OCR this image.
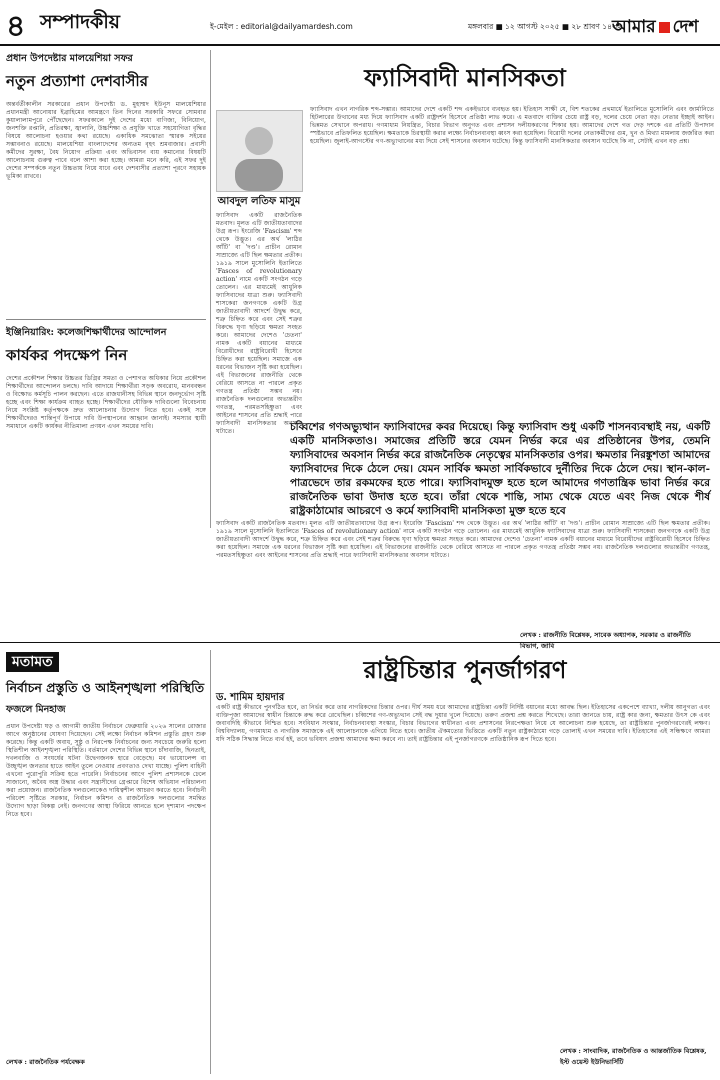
৪ সম্পাদকীয়	ই-মেইল : editorial@dailyamardesh.com	মঙ্গলবার ■ ১২ আগস্ট ২০২৫ ■ ২৮ শ্রাবণ ১৪৩২
আমার দেশ
প্রধান উপদেষ্টার মালয়েশিয়া সফর
নতুন প্রত্যাশা দেশবাসীর
অন্তর্বর্তীকালীন সরকারের প্রধান উপদেষ্টা ড. মুহাম্মদ ইউনূস মালয়েশিয়ার প্রধানমন্ত্রী আনোয়ার ইব্রাহিমের আমন্ত্রণে তিন দিনের সরকারি সফরে সোমবার কুয়ালালামপুরে পৌঁছেছেন। সফরকালে দুই দেশের মধ্যে বাণিজ্য, বিনিয়োগ, জনশক্তি রপ্তানি, প্রতিরক্ষা, জ্বালানি, উচ্চশিক্ষা ও প্রযুক্তি খাতে সহযোগিতা বৃদ্ধির বিষয়ে আলোচনা হওয়ার কথা রয়েছে। একাধিক সমঝোতা স্মারক সইয়ের সম্ভাবনাও রয়েছে। মালয়েশিয়া বাংলাদেশের অন্যতম বৃহৎ শ্রমবাজার। প্রবাসী কর্মীদের সুরক্ষা, বৈধ নিয়োগ প্রক্রিয়া এবং অভিবাসন ব্যয় কমানোর বিষয়টি আলোচনায় গুরুত্ব পাবে বলে আশা করা হচ্ছে। আমরা মনে করি, এই সফর দুই দেশের সম্পর্ককে নতুন উচ্চতায় নিয়ে যাবে এবং দেশবাসীর প্রত্যাশা পূরণে সহায়ক ভূমিকা রাখবে।
ইঞ্জিনিয়ারিং: কলেজশিক্ষার্থীদের আন্দোলন
কার্যকর পদক্ষেপ নিন
দেশের প্রকৌশল শিক্ষার উচ্চতর ডিগ্রির সমতা ও পেশাগত অধিকার নিয়ে প্রকৌশল শিক্ষার্থীদের আন্দোলন চলছে। দাবি আদায়ে শিক্ষার্থীরা সড়ক অবরোধ, মানববন্ধন ও বিক্ষোভ কর্মসূচি পালন করছেন। এতে রাজধানীসহ বিভিন্ন স্থানে জনদুর্ভোগ সৃষ্টি হচ্ছে এবং শিক্ষা কার্যক্রম ব্যাহত হচ্ছে। শিক্ষার্থীদের যৌক্তিক দাবিগুলো বিবেচনায় নিয়ে সংশ্লিষ্ট কর্তৃপক্ষকে দ্রুত আলোচনার উদ্যোগ নিতে হবে। একই সঙ্গে শিক্ষার্থীদেরও শান্তিপূর্ণ উপায়ে দাবি উপস্থাপনের আহ্বান জানাই। সমস্যার স্থায়ী সমাধানে একটি কার্যকর নীতিমালা প্রণয়ন এখন সময়ের দাবি।
ফ্যাসিবাদী মানসিকতা
আবদুল লতিফ মাসুম
ফ্যাসিবাদ এখন নাগরিক শব্দ-সম্ভার। আমাদের দেশে একটি শব্দ একইভাবে ব্যবহৃত হয়। ইতিহাস সাক্ষী যে, বিশ শতকের প্রথমার্ধে ইতালিতে মুসোলিনি এবং জার্মানিতে হিটলারের উত্থানের মধ্য দিয়ে ফ্যাসিবাদ একটি রাষ্ট্রদর্শন হিসেবে প্রতিষ্ঠা লাভ করে। এ মতবাদে ব্যক্তির চেয়ে রাষ্ট্র বড়, দলের চেয়ে নেতা বড়। নেতার ইচ্ছাই আইন। ভিন্নমত সেখানে অপরাধ। গণমাধ্যম নিয়ন্ত্রিত, বিচার বিভাগ অনুগত এবং প্রশাসন দলীয়করণের শিকার হয়। আমাদের দেশে গত দেড় দশকে এর প্রতিটি উপাদান স্পষ্টভাবে প্রতিফলিত হয়েছিল। ক্ষমতাকে চিরস্থায়ী করার লক্ষ্যে নির্বাচনব্যবস্থা ধ্বংস করা হয়েছিল। বিরোধী দলের নেতাকর্মীদের গুম, খুন ও মিথ্যা মামলায় জর্জরিত করা হয়েছিল। জুলাই-আগস্টের গণ-অভ্যুত্থানের মধ্য দিয়ে সেই শাসনের অবসান ঘটেছে। কিন্তু ফ্যাসিবাদী মানসিকতার অবসান ঘটেছে কি না, সেটাই এখন বড় প্রশ্ন।
ফ্যাসিবাদ একটি রাজনৈতিক মতবাদ। মূলত এটি জাতীয়তাবাদের উগ্র রূপ। ইংরেজি 'Fascism' শব্দ থেকে উদ্ভূত। এর অর্থ 'লাঠির আঁটি' বা 'দণ্ড'। প্রাচীন রোমান সাম্রাজ্যে এটি ছিল ক্ষমতার প্রতীক। ১৯১৯ সালে মুসোলিনি ইতালিতে 'Fasces of revolutionary action' নামে একটি সংগঠন গড়ে তোলেন। এর মাধ্যমেই আধুনিক ফ্যাসিবাদের যাত্রা শুরু। ফ্যাসিবাদী শাসকেরা জনগণকে একটি উগ্র জাতীয়তাবাদী আদর্শে উদ্বুদ্ধ করে, শত্রু চিহ্নিত করে এবং সেই শত্রুর বিরুদ্ধে ঘৃণা ছড়িয়ে ক্ষমতা সংহত করে। আমাদের দেশেও 'চেতনা' নামক একটি বয়ানের মাধ্যমে বিরোধীদের রাষ্ট্রবিরোধী হিসেবে চিহ্নিত করা হয়েছিল। সমাজে এক ধরনের বিভাজন সৃষ্টি করা হয়েছিল। এই বিভাজনের রাজনীতি থেকে বেরিয়ে আসতে না পারলে প্রকৃত গণতন্ত্র প্রতিষ্ঠা সম্ভব নয়। রাজনৈতিক দলগুলোর অভ্যন্তরীণ গণতন্ত্র, পরমতসহিষ্ণুতা এবং আইনের শাসনের প্রতি শ্রদ্ধাই পারে ফ্যাসিবাদী মানসিকতার অবসান ঘটাতে।	চব্বিশের গণঅভ্যুত্থান ফ্যাসিবাদের কবর দিয়েছে। কিন্তু ফ্যাসিবাদ শুধু একটি শাসনব্যবস্থাই নয়, একটি একটি মানসিকতাও। সমাজের প্রতিটি স্তরে যেমন নির্ভর করে এর প্রতিষ্ঠানের উপর, তেমনি ফ্যাসিবাদের অবসান নির্ভর করে রাজনৈতিক নেতৃত্বের মানসিকতার ওপর। ক্ষমতার নিরঙ্কুশতা আমাদের ফ্যাসিবাদের দিকে ঠেলে দেয়। যেমন সার্বিক ক্ষমতা সার্বিকভাবে দুর্নীতির দিকে ঠেলে দেয়। স্থান-কাল-পাত্রভেদে তার রকমফের হতে পারে। ফ্যাসিবাদমুক্ত হতে হলে আমাদের গণতান্ত্রিক ভাবা নির্ভর করে রাজনৈতিক ভাবা উদাত্ত হতে হবে। তাঁরা থেকে শান্তি, সাম্য থেকে যেতে এবং নিজ থেকে শীর্ষ রাষ্ট্রকাঠামোর আচরণে ও কর্মে ফ্যাসিবাদী মানসিকতা মুক্ত হতে হবে
ফ্যাসিবাদ একটি রাজনৈতিক মতবাদ। মূলত এটি জাতীয়তাবাদের উগ্র রূপ। ইংরেজি 'Fascism' শব্দ থেকে উদ্ভূত। এর অর্থ 'লাঠির আঁটি' বা 'দণ্ড'। প্রাচীন রোমান সাম্রাজ্যে এটি ছিল ক্ষমতার প্রতীক। ১৯১৯ সালে মুসোলিনি ইতালিতে 'Fasces of revolutionary action' নামে একটি সংগঠন গড়ে তোলেন। এর মাধ্যমেই আধুনিক ফ্যাসিবাদের যাত্রা শুরু। ফ্যাসিবাদী শাসকেরা জনগণকে একটি উগ্র জাতীয়তাবাদী আদর্শে উদ্বুদ্ধ করে, শত্রু চিহ্নিত করে এবং সেই শত্রুর বিরুদ্ধে ঘৃণা ছড়িয়ে ক্ষমতা সংহত করে। আমাদের দেশেও 'চেতনা' নামক একটি বয়ানের মাধ্যমে বিরোধীদের রাষ্ট্রবিরোধী হিসেবে চিহ্নিত করা হয়েছিল। সমাজে এক ধরনের বিভাজন সৃষ্টি করা হয়েছিল। এই বিভাজনের রাজনীতি থেকে বেরিয়ে আসতে না পারলে প্রকৃত গণতন্ত্র প্রতিষ্ঠা সম্ভব নয়। রাজনৈতিক দলগুলোর অভ্যন্তরীণ গণতন্ত্র, পরমতসহিষ্ণুতা এবং আইনের শাসনের প্রতি শ্রদ্ধাই পারে ফ্যাসিবাদী মানসিকতার অবসান ঘটাতে।
লেখক : রাজনীতি বিশ্লেষক, সাবেক অধ্যাপক, সরকার ও রাজনীতি বিভাগ, জাবি
মতামত
নির্বাচন প্রস্তুতি ও আইনশৃঙ্খলা পরিস্থিতি
ফজলে মিনহাজ
প্রধান উপদেষ্টা ঘড় ও আগামী জাতীয় নির্বাচনে ফেব্রুয়ারি ২০২৬ সালের রোজার আগে অনুষ্ঠানের ঘোষণা দিয়েছেন। সেই লক্ষ্যে নির্বাচন কমিশন প্রস্তুতি গ্রহণ শুরু করেছে। কিন্তু একটি অবাধ, সুষ্ঠু ও নিরপেক্ষ নির্বাচনের জন্য সবচেয়ে জরুরি হলো স্থিতিশীল আইনশৃঙ্খলা পরিস্থিতি। বর্তমানে দেশের বিভিন্ন স্থানে চাঁদাবাজি, ছিনতাই, দখলবাজি ও সংঘর্ষের ঘটনা উদ্বেগজনক হারে বেড়েছে। মব ভায়োলেন্স বা উচ্ছৃঙ্খল জনতার হাতে আইন তুলে নেওয়ার প্রবণতাও দেখা যাচ্ছে। পুলিশ বাহিনী এখনো পুরোপুরি সক্রিয় হতে পারেনি। নির্বাচনের আগে পুলিশ প্রশাসনকে ঢেলে সাজানো, অবৈধ অস্ত্র উদ্ধার এবং সন্ত্রাসীদের গ্রেপ্তারে বিশেষ অভিযান পরিচালনা করা প্রয়োজন। রাজনৈতিক দলগুলোকেও দায়িত্বশীল আচরণ করতে হবে। নির্বাচনী পরিবেশ সৃষ্টিতে সরকার, নির্বাচন কমিশন ও রাজনৈতিক দলগুলোর সমন্বিত উদ্যোগ ছাড়া বিকল্প নেই। জনগণের আস্থা ফিরিয়ে আনতে হলে দৃশ্যমান পদক্ষেপ নিতে হবে।
লেখক : রাজনৈতিক পর্যবেক্ষক
রাষ্ট্রচিন্তার পুনর্জাগরণ
ড. শামিম হায়দার
একটি রাষ্ট্র কীভাবে পুনর্গঠিত হবে, তা নির্ভর করে তার নাগরিকদের চিন্তার ওপর। দীর্ঘ সময় ধরে আমাদের রাষ্ট্রচিন্তা একটি নির্দিষ্ট বয়ানের মধ্যে আবদ্ধ ছিল। ইতিহাসের একপেশে ব্যাখ্যা, দলীয় আনুগত্য এবং ব্যক্তিপূজা আমাদের স্বাধীন চিন্তাকে রুদ্ধ করে রেখেছিল। চব্বিশের গণ-অভ্যুত্থান সেই বদ্ধ দুয়ার খুলে দিয়েছে। তরুণ প্রজন্ম প্রশ্ন করতে শিখেছে। তারা জানতে চায়, রাষ্ট্র কার জন্য, ক্ষমতার উৎস কে এবং জবাবদিহি কীভাবে নিশ্চিত হবে। সংবিধান সংস্কার, নির্বাচনব্যবস্থা সংস্কার, বিচার বিভাগের স্বাধীনতা এবং প্রশাসনের নিরপেক্ষতা নিয়ে যে আলোচনা শুরু হয়েছে, তা রাষ্ট্রচিন্তার পুনর্জাগরণেরই লক্ষণ। বিশ্ববিদ্যালয়, গণমাধ্যম ও নাগরিক সমাজকে এই আলোচনাকে এগিয়ে নিতে হবে। জাতীয় ঐকমত্যের ভিত্তিতে একটি নতুন রাষ্ট্রকাঠামো গড়ে তোলাই এখন সময়ের দাবি। ইতিহাসের এই সন্ধিক্ষণে আমরা যদি সঠিক সিদ্ধান্ত নিতে ব্যর্থ হই, তবে ভবিষ্যৎ প্রজন্ম আমাদের ক্ষমা করবে না। তাই রাষ্ট্রচিন্তার এই পুনর্জাগরণকে প্রাতিষ্ঠানিক রূপ দিতে হবে।
লেখক : সাংবাদিক, রাজনৈতিক ও আন্তর্জাতিক বিশ্লেষক, ইস্ট ওয়েস্ট ইউনিভার্সিটি
